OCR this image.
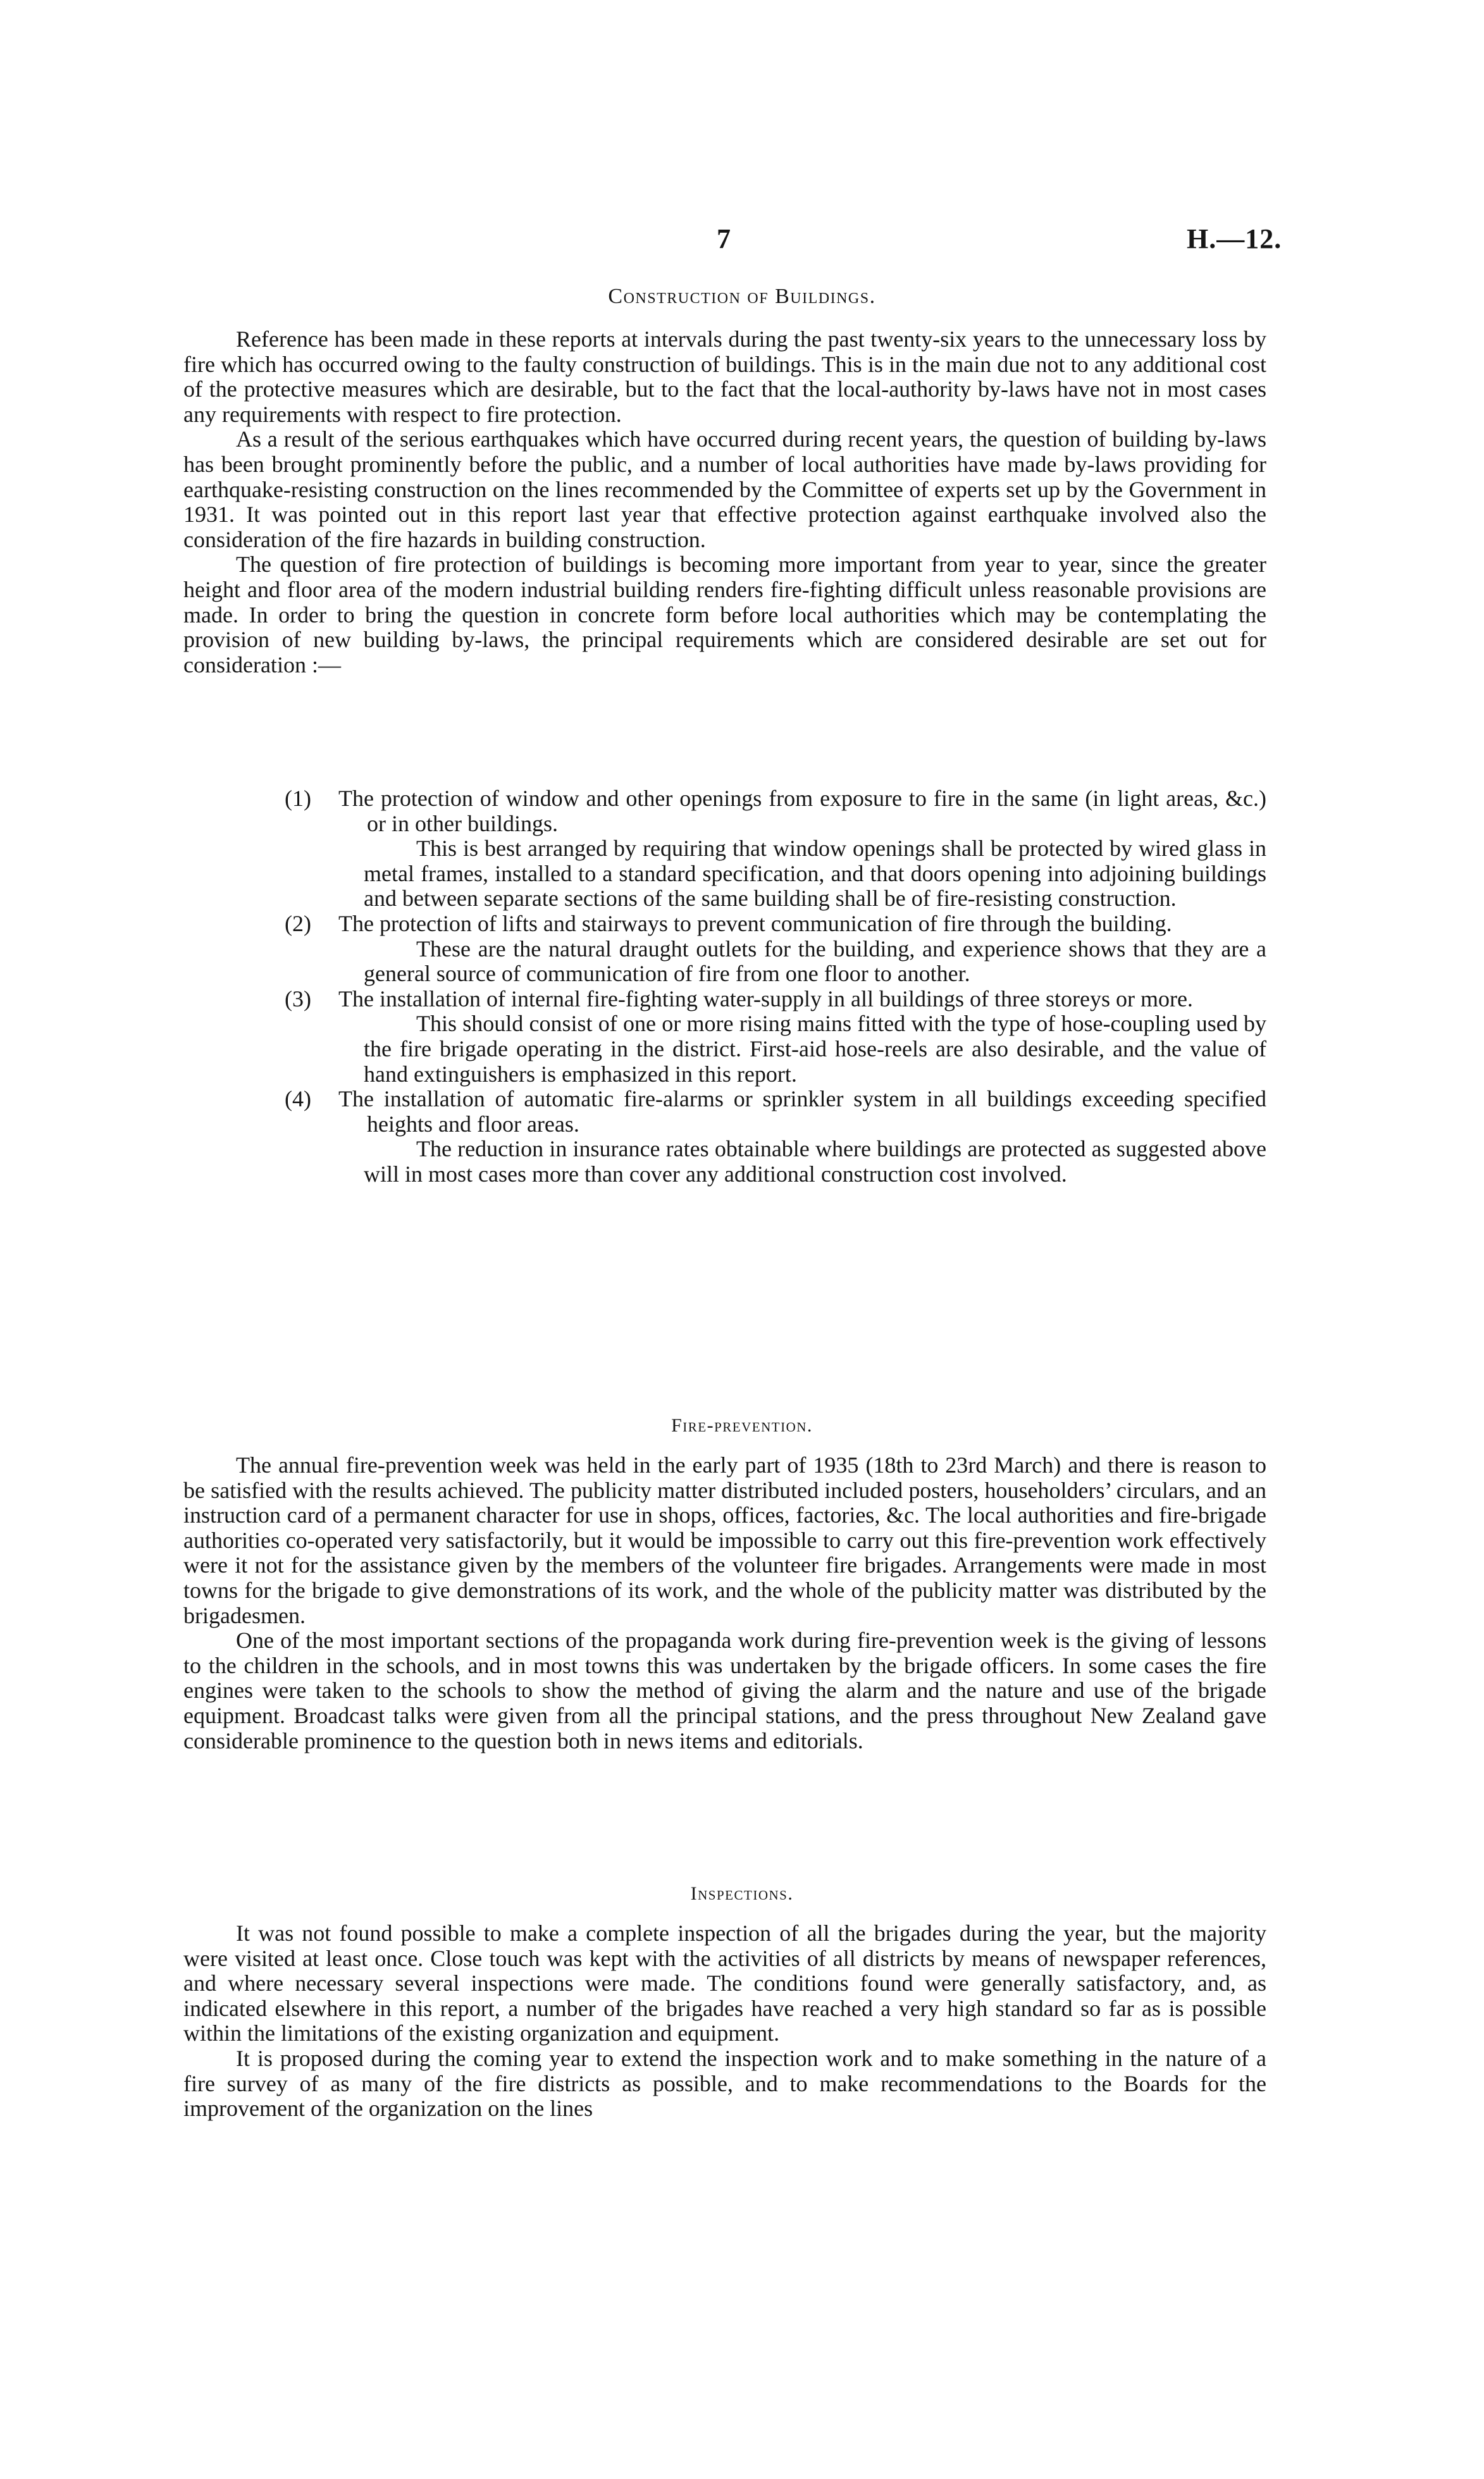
7	H.—12.
Construction of Buildings.

Reference has been made in these reports at intervals during the past twenty-six years to the unnecessary loss by fire which has occurred owing to the faulty construction of buildings. This is in the main due not to any additional cost of the protective measures which are desirable, but to the fact that the local-authority by-laws have not in most cases any requirements with respect to fire protection.

As a result of the serious earthquakes which have occurred during recent years, the question of building by-laws has been brought prominently before the public, and a number of local authorities have made by-laws providing for earthquake-resisting construction on the lines recommended by the Committee of experts set up by the Government in 1931. It was pointed out in this report last year that effective protection against earthquake involved also the consideration of the fire hazards in building construction.

The question of fire protection of buildings is becoming more important from year to year, since the greater height and floor area of the modern industrial building renders fire-fighting difficult unless reasonable provisions are made. In order to bring the question in concrete form before local authorities which may be contemplating the provision of new building by-laws, the principal requirements which are considered desirable are set out for consideration :—

(1) The protection of window and other openings from exposure to fire in the same (in light areas, &c.) or in other buildings.

This is best arranged by requiring that window openings shall be protected by wired glass in metal frames, installed to a standard specification, and that doors opening into adjoining buildings and between separate sections of the same building shall be of fire-resisting construction.

(2) The protection of lifts and stairways to prevent communication of fire through the building.

These are the natural draught outlets for the building, and experience shows that they are a general source of communication of fire from one floor to another.

(3) The installation of internal fire-fighting water-supply in all buildings of three storeys or more.

This should consist of one or more rising mains fitted with the type of hose-coupling used by the fire brigade operating in the district. First-aid hose-reels are also desirable, and the value of hand extinguishers is emphasized in this report.

(4) The installation of automatic fire-alarms or sprinkler system in all buildings exceeding specified heights and floor areas.

The reduction in insurance rates obtainable where buildings are protected as suggested above will in most cases more than cover any additional construction cost involved.

Fire-prevention.

The annual fire-prevention week was held in the early part of 1935 (18th to 23rd March) and there is reason to be satisfied with the results achieved. The publicity matter distributed included posters, householders’ circulars, and an instruction card of a permanent character for use in shops, offices, factories, &c. The local authorities and fire-brigade authorities co-operated very satisfactorily, but it would be impossible to carry out this fire-prevention work effectively were it not for the assistance given by the members of the volunteer fire brigades. Arrangements were made in most towns for the brigade to give demonstrations of its work, and the whole of the publicity matter was distributed by the brigadesmen.

One of the most important sections of the propaganda work during fire-prevention week is the giving of lessons to the children in the schools, and in most towns this was undertaken by the brigade officers. In some cases the fire engines were taken to the schools to show the method of giving the alarm and the nature and use of the brigade equipment. Broadcast talks were given from all the principal stations, and the press throughout New Zealand gave considerable prominence to the question both in news items and editorials.

Inspections.

It was not found possible to make a complete inspection of all the brigades during the year, but the majority were visited at least once. Close touch was kept with the activities of all districts by means of newspaper references, and where necessary several inspections were made. The conditions found were generally satisfactory, and, as indicated elsewhere in this report, a number of the brigades have reached a very high standard so far as is possible within the limitations of the existing organization and equipment.

It is proposed during the coming year to extend the inspection work and to make something in the nature of a fire survey of as many of the fire districts as possible, and to make recommendations to the Boards for the improvement of the organization on the lines
